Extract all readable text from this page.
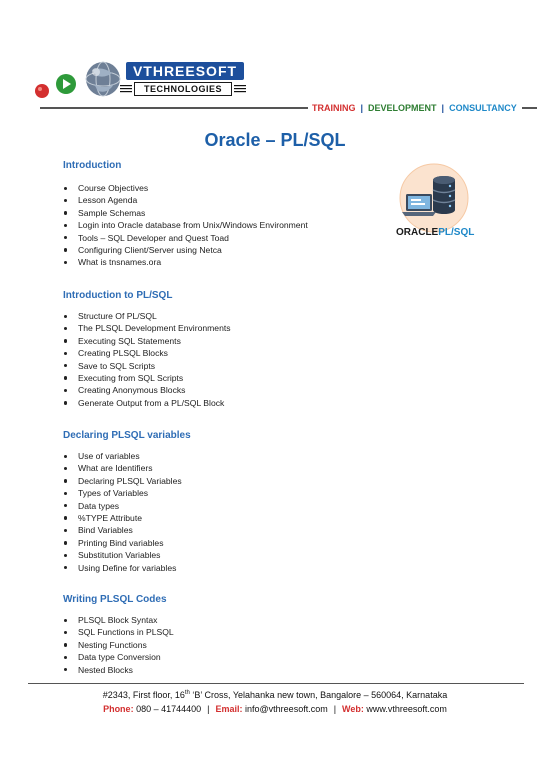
VTHREESOFT
TECHNOLOGIES
TRAINING | DEVELOPMENT | CONSULTANCY
Oracle – PL/SQL
ORACLEPL/SQL
Introduction
Course Objectives
Lesson Agenda
Sample Schemas
Login into Oracle database from Unix/Windows Environment
Tools – SQL Developer and Quest Toad
Configuring Client/Server using Netca
What is tnsnames.ora
Introduction to PL/SQL
Structure Of PL/SQL
The PLSQL Development Environments
Executing SQL Statements
Creating PLSQL Blocks
Save to SQL Scripts
Executing from SQL Scripts
Creating Anonymous Blocks
Generate Output from a PL/SQL Block
Declaring PLSQL variables
Use of variables
What are Identifiers
Declaring PLSQL Variables
Types of Variables
Data types
%TYPE Attribute
Bind Variables
Printing Bind variables
Substitution Variables
Using Define for variables
Writing PLSQL Codes
PLSQL Block Syntax
SQL Functions in PLSQL
Nesting Functions
Data type Conversion
Nested Blocks
#2343, First floor, 16th ‘B’ Cross, Yelahanka new town, Bangalore – 560064, Karnataka
Phone: 080 – 41744400 | Email: info@vthreesoft.com | Web: www.vthreesoft.com
